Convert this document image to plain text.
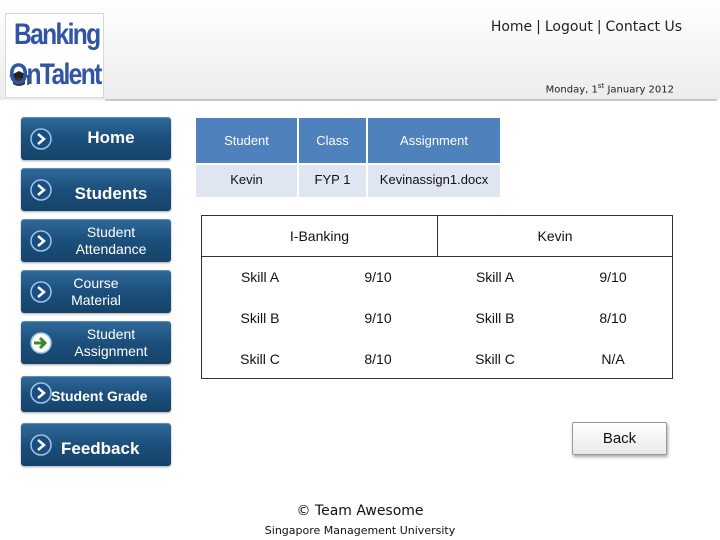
Banking
OnTalent
Home | Logout | Contact Us
Monday, 1st January 2012
Home
Students
Student Attendance
Course Material
Student Assignment
Student Grade
Feedback
Student	Class	Assignment
Kevin	FYP 1	Kevinassign1.docx
I-Banking	Kevin
Skill A	9/10	Skill A	9/10
Skill B	9/10	Skill B	8/10
Skill C	8/10	Skill C	N/A
Back
© Team Awesome
Singapore Management University
